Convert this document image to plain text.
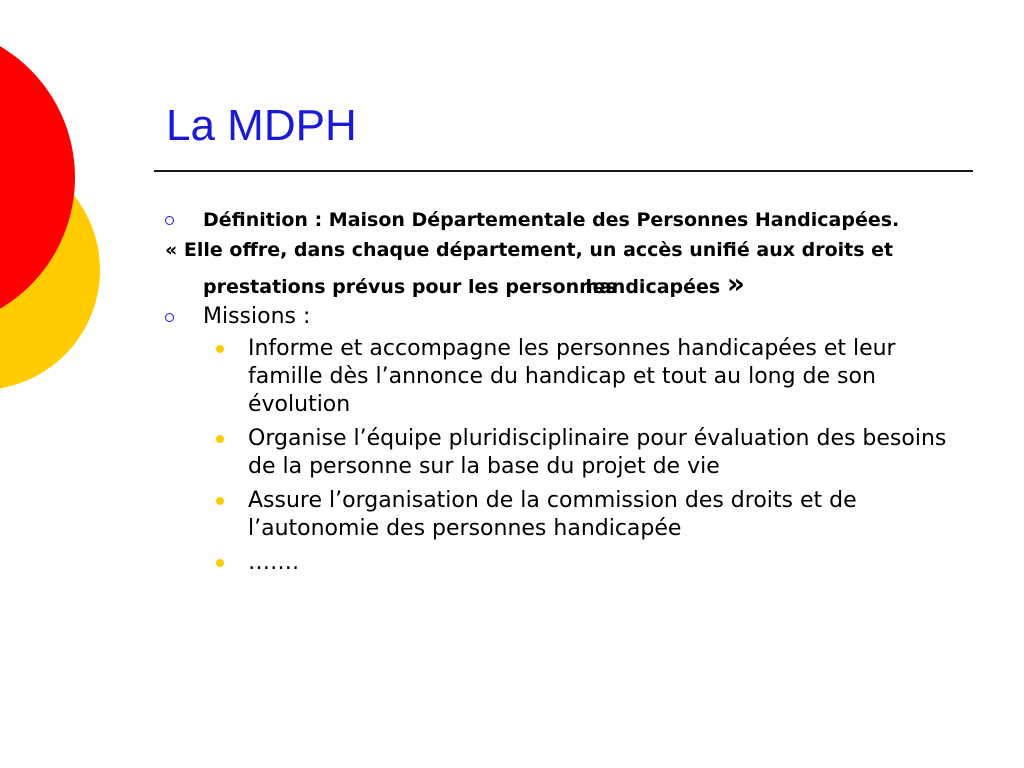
La MDPH
Définition : Maison Départementale des Personnes Handicapées.
« Elle offre, dans chaque département, un accès unifié aux droits et prestations prévus pour les personnes handicapées »
Missions :
Informe et accompagne les personnes handicapées et leur famille dès l’annonce du handicap et tout au long de son évolution
Organise l’équipe pluridisciplinaire pour évaluation des besoins de la personne sur la base du projet de vie
Assure l’organisation de la commission des droits et de l’autonomie des personnes handicapée
…….
